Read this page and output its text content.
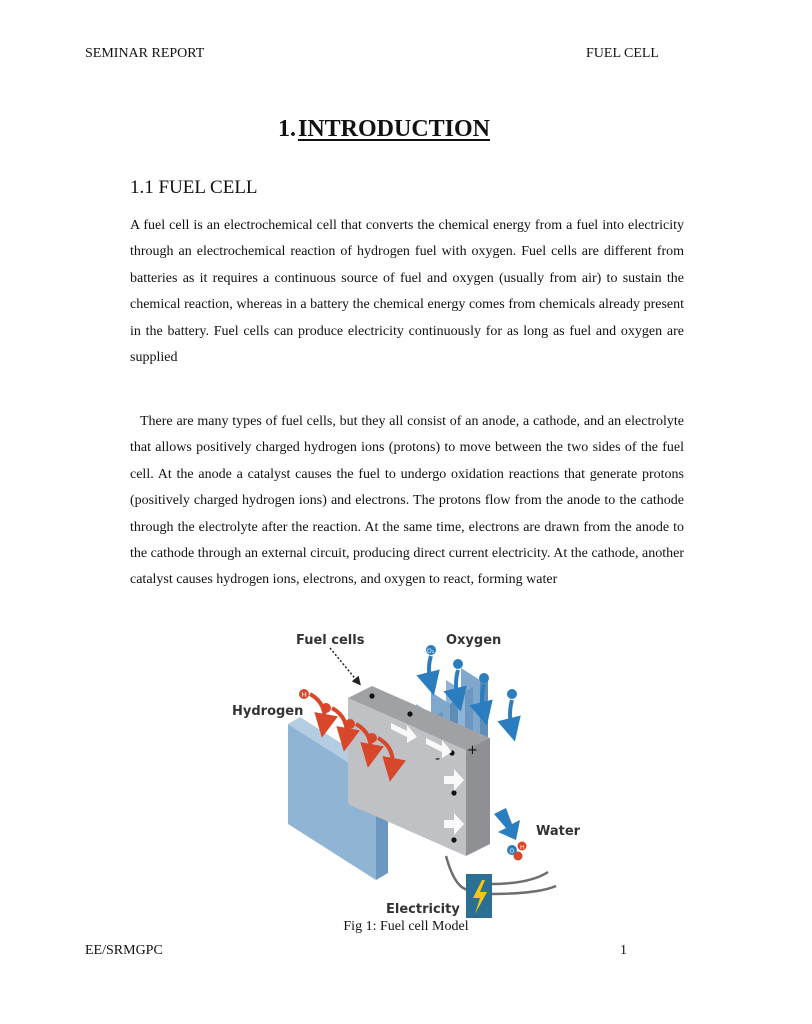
SEMINAR REPORT	FUEL CELL
1.INTRODUCTION
1.1 FUEL CELL

A fuel cell is an electrochemical cell that converts the chemical energy from a fuel into electricity through an electrochemical reaction of hydrogen fuel with oxygen. Fuel cells are different from batteries as it requires a continuous source of fuel and oxygen (usually from air) to sustain the chemical reaction, whereas in a battery the chemical energy comes from chemicals already present in the battery. Fuel cells can produce electricity continuously for as long as fuel and oxygen are supplied

There are many types of fuel cells, but they all consist of an anode, a cathode, and an electrolyte that allows positively charged hydrogen ions (protons) to move between the two sides of the fuel cell. At the anode a catalyst causes the fuel to undergo oxidation reactions that generate protons (positively charged hydrogen ions) and electrons. The protons flow from the anode to the cathode through the electrolyte after the reaction. At the same time, electrons are drawn from the anode to the cathode through an external circuit, producing direct current electricity. At the cathode, another catalyst causes hydrogen ions, electrons, and oxygen to react, forming water

-
+
H
O₂
O H
Fuel cells	Oxygen
Hydrogen
Water
Electricity
Fig 1: Fuel cell Model
EE/SRMGPC	1
